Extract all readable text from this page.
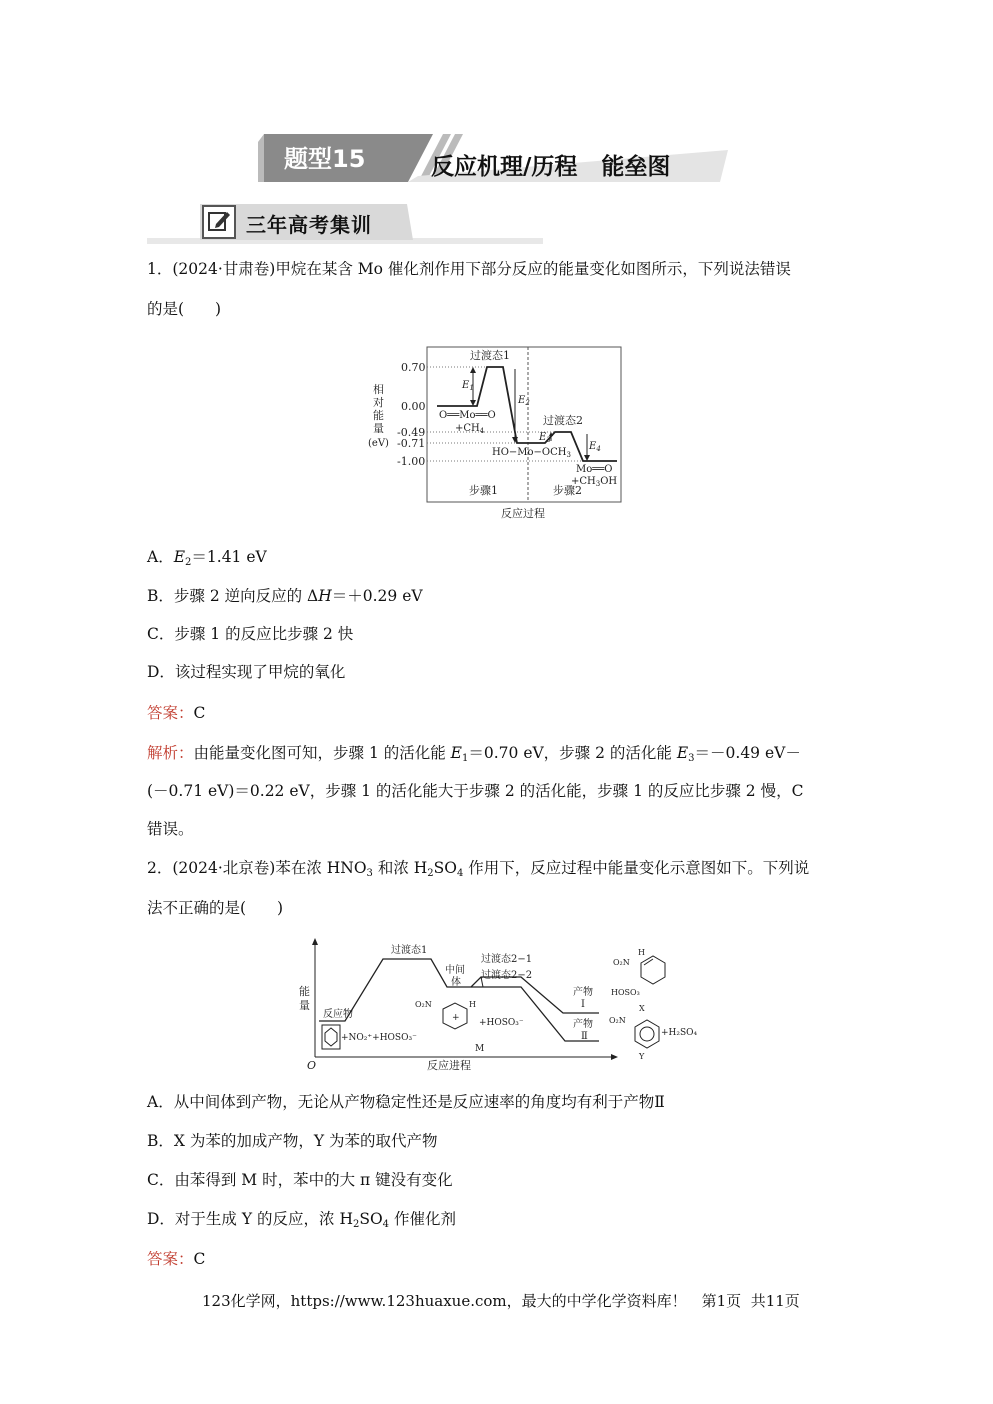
题型15	反应机理/历程   能垒图
三年高考集训
1．(2024·甘肃卷)甲烷在某含 Mo 催化剂作用下部分反应的能量变化如图所示，下列说法错误
的是(　　)
相
对
能
量
(eV)
0.70
0.00
-0.49
-0.71
-1.00
过渡态1
过渡态2
O══Mo══O
$+CH_4$
$HO-Mo-OCH_3$
Mo══O
$+CH_3OH$
$E_1$
$E_2$
$E_3$
$E_4$
步骤1	步骤2
反应过程
A．$E_2=1.41$ eV
B．步骤 2 逆向反应的 ΔH＝＋0.29 eV
C．步骤 1 的反应比步骤 2 快
D．该过程实现了甲烷的氧化
答案：C
解析：由能量变化图可知，步骤 1 的活化能 $E_1=0.70$ eV，步骤 2 的活化能 $E_3=-0.49$ eV－
(－0.71 eV)＝0.22 eV，步骤 1 的活化能大于步骤 2 的活化能，步骤 1 的反应比步骤 2 慢，C
错误。
2．(2024·北京卷)苯在浓 $HNO_3$ 和浓 $H_2SO_4$ 作用下，反应过程中能量变化示意图如下。下列说
法不正确的是(　　)
能
量
O	反应进程
反应物
过渡态1
中间
体
过渡态2−1
过渡态2−2
产物
Ⅰ
产物
Ⅱ
+NO₂⁺+HOSO₃⁻
O₂N	H
+ +HOSO₃⁻
M
O₂N
H
HOSO₃
X
O₂N
+H₂SO₄
Y
A．从中间体到产物，无论从产物稳定性还是反应速率的角度均有利于产物Ⅱ
B．X 为苯的加成产物，Y 为苯的取代产物
C．由苯得到 M 时，苯中的大 π 键没有变化
D．对于生成 Y 的反应，浓 $H_2SO_4$ 作催化剂
答案：C
123化学网，https://www.123huaxue.com，最大的中学化学资料库！　第1页  共11页
